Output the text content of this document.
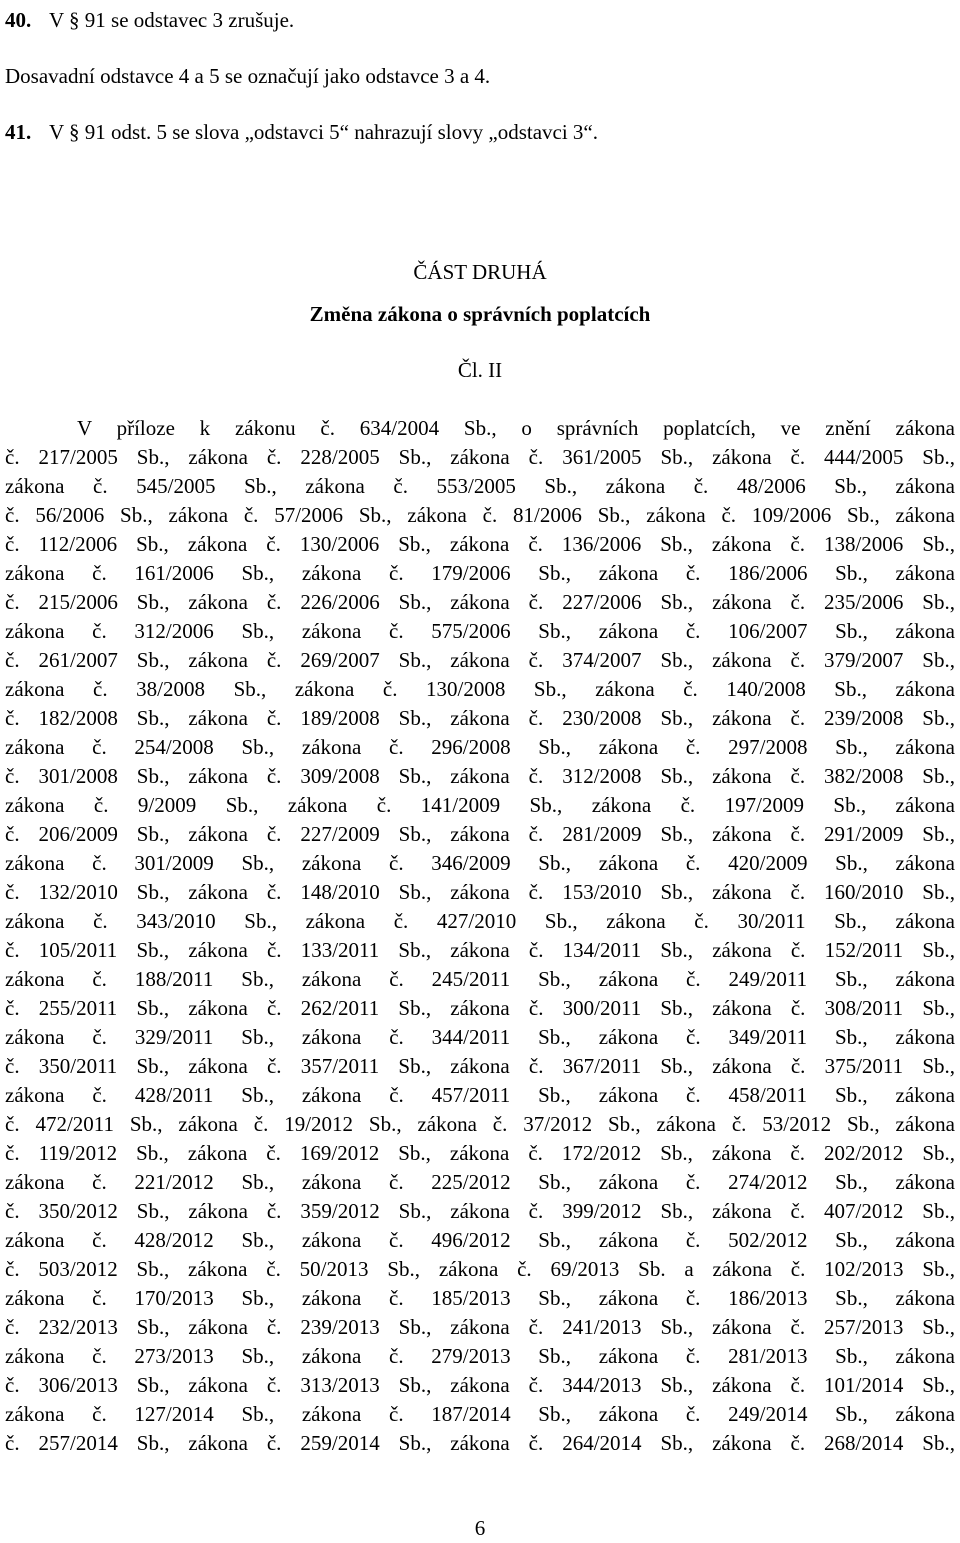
40. V § 91 se odstavec 3 zrušuje.
Dosavadní odstavce 4 a 5 se označují jako odstavce 3 a 4.
41. V § 91 odst. 5 se slova „odstavci 5“ nahrazují slovy „odstavci 3“.
ČÁST DRUHÁ
Změna zákona o správních poplatcích
Čl. II
V příloze k zákonu č. 634/2004 Sb., o správních poplatcích, ve znění zákona
č. 217/2005 Sb., zákona č. 228/2005 Sb., zákona č. 361/2005 Sb., zákona č. 444/2005 Sb.,
zákona č. 545/2005 Sb., zákona č. 553/2005 Sb., zákona č. 48/2006 Sb., zákona
č. 56/2006 Sb., zákona č. 57/2006 Sb., zákona č. 81/2006 Sb., zákona č. 109/2006 Sb., zákona
č. 112/2006 Sb., zákona č. 130/2006 Sb., zákona č. 136/2006 Sb., zákona č. 138/2006 Sb.,
zákona č. 161/2006 Sb., zákona č. 179/2006 Sb., zákona č. 186/2006 Sb., zákona
č. 215/2006 Sb., zákona č. 226/2006 Sb., zákona č. 227/2006 Sb., zákona č. 235/2006 Sb.,
zákona č. 312/2006 Sb., zákona č. 575/2006 Sb., zákona č. 106/2007 Sb., zákona
č. 261/2007 Sb., zákona č. 269/2007 Sb., zákona č. 374/2007 Sb., zákona č. 379/2007 Sb.,
zákona č. 38/2008 Sb., zákona č. 130/2008 Sb., zákona č. 140/2008 Sb., zákona
č. 182/2008 Sb., zákona č. 189/2008 Sb., zákona č. 230/2008 Sb., zákona č. 239/2008 Sb.,
zákona č. 254/2008 Sb., zákona č. 296/2008 Sb., zákona č. 297/2008 Sb., zákona
č. 301/2008 Sb., zákona č. 309/2008 Sb., zákona č. 312/2008 Sb., zákona č. 382/2008 Sb.,
zákona č. 9/2009 Sb., zákona č. 141/2009 Sb., zákona č. 197/2009 Sb., zákona
č. 206/2009 Sb., zákona č. 227/2009 Sb., zákona č. 281/2009 Sb., zákona č. 291/2009 Sb.,
zákona č. 301/2009 Sb., zákona č. 346/2009 Sb., zákona č. 420/2009 Sb., zákona
č. 132/2010 Sb., zákona č. 148/2010 Sb., zákona č. 153/2010 Sb., zákona č. 160/2010 Sb.,
zákona č. 343/2010 Sb., zákona č. 427/2010 Sb., zákona č. 30/2011 Sb., zákona
č. 105/2011 Sb., zákona č. 133/2011 Sb., zákona č. 134/2011 Sb., zákona č. 152/2011 Sb.,
zákona č. 188/2011 Sb., zákona č. 245/2011 Sb., zákona č. 249/2011 Sb., zákona
č. 255/2011 Sb., zákona č. 262/2011 Sb., zákona č. 300/2011 Sb., zákona č. 308/2011 Sb.,
zákona č. 329/2011 Sb., zákona č. 344/2011 Sb., zákona č. 349/2011 Sb., zákona
č. 350/2011 Sb., zákona č. 357/2011 Sb., zákona č. 367/2011 Sb., zákona č. 375/2011 Sb.,
zákona č. 428/2011 Sb., zákona č. 457/2011 Sb., zákona č. 458/2011 Sb., zákona
č. 472/2011 Sb., zákona č. 19/2012 Sb., zákona č. 37/2012 Sb., zákona č. 53/2012 Sb., zákona
č. 119/2012 Sb., zákona č. 169/2012 Sb., zákona č. 172/2012 Sb., zákona č. 202/2012 Sb.,
zákona č. 221/2012 Sb., zákona č. 225/2012 Sb., zákona č. 274/2012 Sb., zákona
č. 350/2012 Sb., zákona č. 359/2012 Sb., zákona č. 399/2012 Sb., zákona č. 407/2012 Sb.,
zákona č. 428/2012 Sb., zákona č. 496/2012 Sb., zákona č. 502/2012 Sb., zákona
č. 503/2012 Sb., zákona č. 50/2013 Sb., zákona č. 69/2013 Sb. a zákona č. 102/2013 Sb.,
zákona č. 170/2013 Sb., zákona č. 185/2013 Sb., zákona č. 186/2013 Sb., zákona
č. 232/2013 Sb., zákona č. 239/2013 Sb., zákona č. 241/2013 Sb., zákona č. 257/2013 Sb.,
zákona č. 273/2013 Sb., zákona č. 279/2013 Sb., zákona č. 281/2013 Sb., zákona
č. 306/2013 Sb., zákona č. 313/2013 Sb., zákona č. 344/2013 Sb., zákona č. 101/2014 Sb.,
zákona č. 127/2014 Sb., zákona č. 187/2014 Sb., zákona č. 249/2014 Sb., zákona
č. 257/2014 Sb., zákona č. 259/2014 Sb., zákona č. 264/2014 Sb., zákona č. 268/2014 Sb.,
6
